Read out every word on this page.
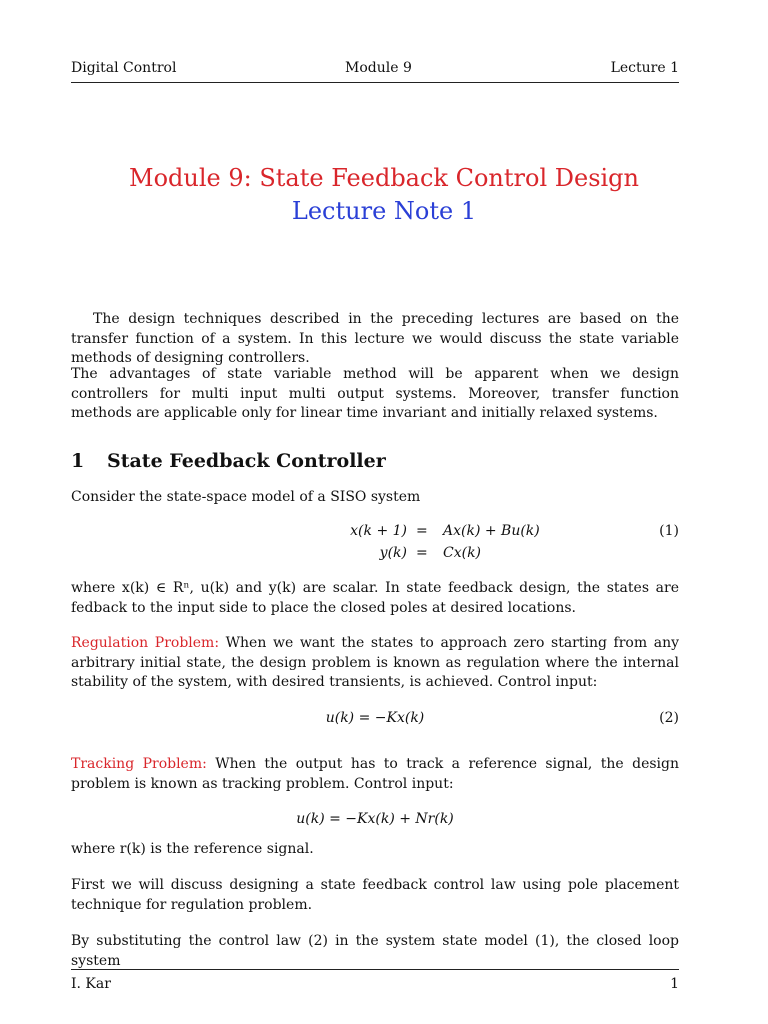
Digital Control	Module 9	Lecture 1
Module 9: State Feedback Control Design
Lecture Note 1

The design techniques described in the preceding lectures are based on the transfer function of a system. In this lecture we would discuss the state variable methods of designing controllers.

The advantages of state variable method will be apparent when we design controllers for multi input multi output systems. Moreover, transfer function methods are applicable only for linear time invariant and initially relaxed systems.

1 State Feedback Controller

Consider the state-space model of a SISO system

x(k + 1) = Ax(k) + Bu(k)
y(k) = Cx(k)
(1)

where x(k) ∈ Rⁿ, u(k) and y(k) are scalar. In state feedback design, the states are fedback to the input side to place the closed poles at desired locations.

Regulation Problem: When we want the states to approach zero starting from any arbitrary initial state, the design problem is known as regulation where the internal stability of the system, with desired transients, is achieved. Control input:

u(k) = −Kx(k)	(2)

Tracking Problem: When the output has to track a reference signal, the design problem is known as tracking problem. Control input:

u(k) = −Kx(k) + Nr(k)

where r(k) is the reference signal.

First we will discuss designing a state feedback control law using pole placement technique for regulation problem.

By substituting the control law (2) in the system state model (1), the closed loop system

I. Kar	1
